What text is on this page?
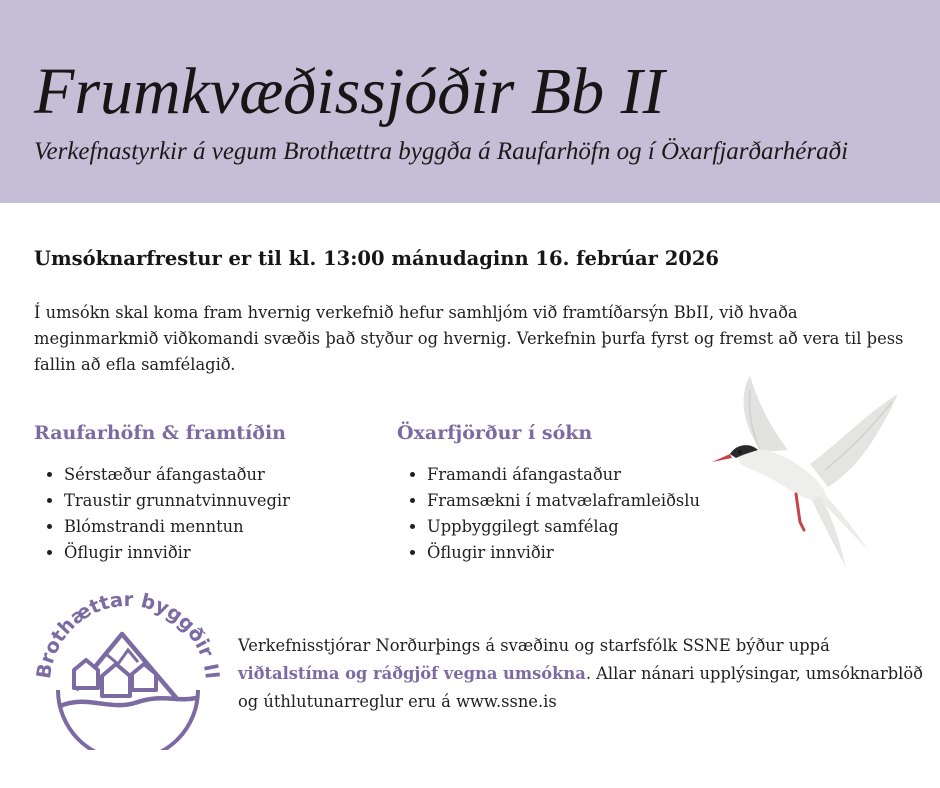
Frumkvæðissjóðir Bb II

Verkefnastyrkir á vegum Brothættra byggða á Raufarhöfn og í Öxarfjarðarhéraði

Umsóknarfrestur er til kl. 13:00 mánudaginn 16. febrúar 2026

Í umsókn skal koma fram hvernig verkefnið hefur samhljóm við framtíðarsýn BbII, við hvaða meginmarkmið viðkomandi svæðis það styður og hvernig. Verkefnin þurfa fyrst og fremst að vera til þess fallin að efla samfélagið.

Raufarhöfn & framtíðin
• Sérstæður áfangastaður
• Traustir grunnatvinnuvegir
• Blómstrandi menntun
• Öflugir innviðir
Öxarfjörður í sókn
• Framandi áfangastaður
• Framsækni í matvælaframleiðslu
• Uppbyggilegt samfélag
• Öflugir innviðir
Brothættar byggðir II

Verkefnisstjórar Norðurþings á svæðinu og starfsfólk SSNE býður uppá viðtalstíma og ráðgjöf vegna umsókna. Allar nánari upplýsingar, umsóknarblöð og úthlutunarreglur eru á www.ssne.is
